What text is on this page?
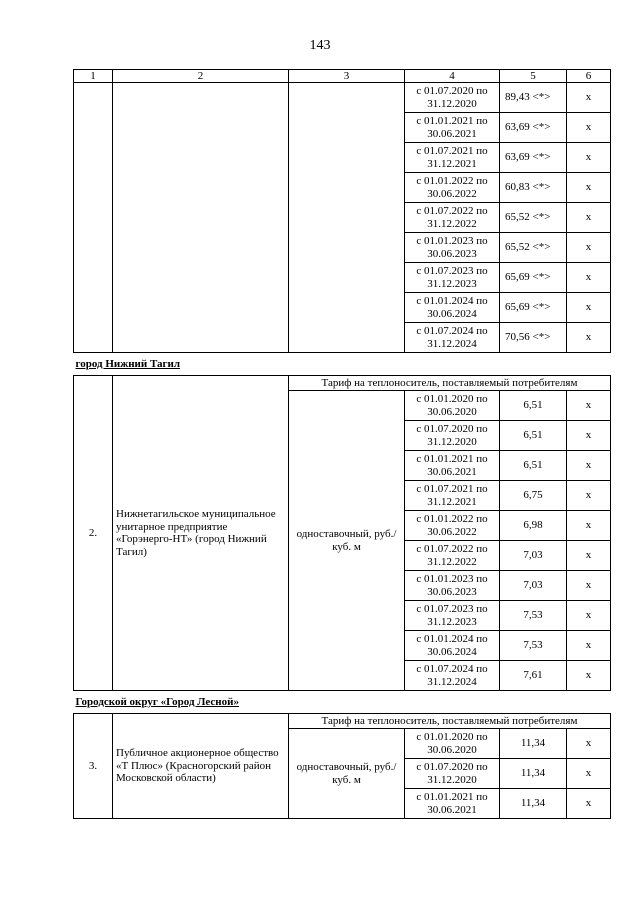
143
1	2	3	4	5	6
			с 01.07.2020 по 31.12.2020	89,43 <*>	х
			с 01.01.2021 по 30.06.2021	63,69 <*>	х
			с 01.07.2021 по 31.12.2021	63,69 <*>	х
			с 01.01.2022 по 30.06.2022	60,83 <*>	х
			с 01.07.2022 по 31.12.2022	65,52 <*>	х
			с 01.01.2023 по 30.06.2023	65,52 <*>	х
			с 01.07.2023 по 31.12.2023	65,69 <*>	х
			с 01.01.2024 по 30.06.2024	65,69 <*>	х
			с 01.07.2024 по 31.12.2024	70,56 <*>	х
город Нижний Тагил					
2.	Нижнетагильское муниципальное унитарное предприятие «Горэнерго-НТ» (город Нижний Тагил)	Тариф на теплоноситель, поставляемый потребителям			
		одноставочный, руб./куб. м	с 01.01.2020 по 30.06.2020	6,51	х
			с 01.07.2020 по 31.12.2020	6,51	х
			с 01.01.2021 по 30.06.2021	6,51	х
			с 01.07.2021 по 31.12.2021	6,75	х
			с 01.01.2022 по 30.06.2022	6,98	х
			с 01.07.2022 по 31.12.2022	7,03	х
			с 01.01.2023 по 30.06.2023	7,03	х
			с 01.07.2023 по 31.12.2023	7,53	х
			с 01.01.2024 по 30.06.2024	7,53	х
			с 01.07.2024 по 31.12.2024	7,61	х
Городской округ «Город Лесной»					
3.	Публичное акционерное общество «Т Плюс» (Красногорский район Московской области)	Тариф на теплоноситель, поставляемый потребителям			
		одноставочный, руб./куб. м	с 01.01.2020 по 30.06.2020	11,34	х
			с 01.07.2020 по 31.12.2020	11,34	х
			с 01.01.2021 по 30.06.2021	11,34	х
